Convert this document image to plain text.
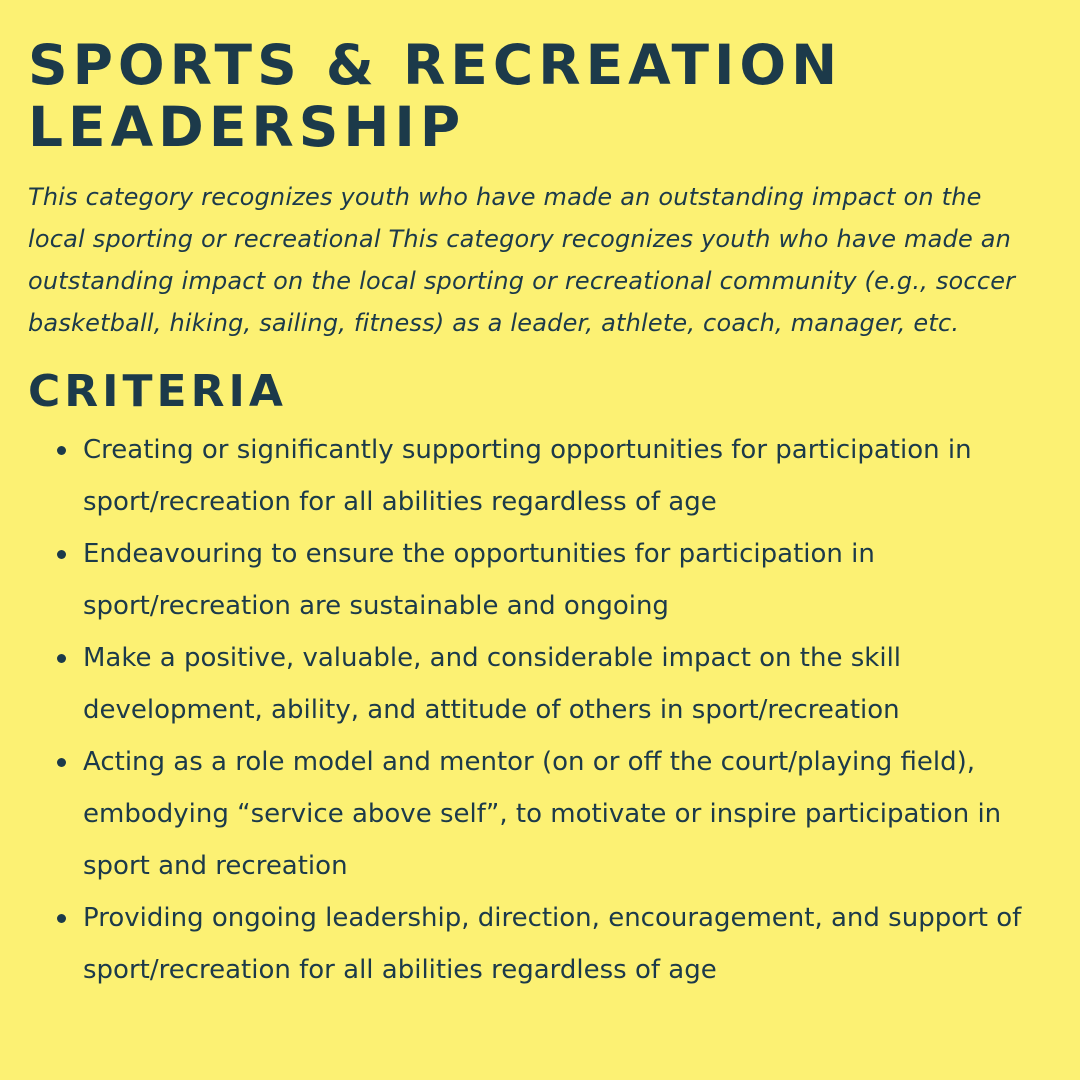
SPORTS & RECREATION LEADERSHIP

This category recognizes youth who have made an outstanding impact on the local sporting or recreational This category recognizes youth who have made an outstanding impact on the local sporting or recreational community (e.g., soccer basketball, hiking, sailing, fitness) as a leader, athlete, coach, manager, etc.

CRITERIA
Creating or significantly supporting opportunities for participation in sport/recreation for all abilities regardless of age
Endeavouring to ensure the opportunities for participation in sport/recreation are sustainable and ongoing
Make a positive, valuable, and considerable impact on the skill development, ability, and attitude of others in sport/recreation
Acting as a role model and mentor (on or off the court/playing field), embodying “service above self”, to motivate or inspire participation in sport and recreation
Providing ongoing leadership, direction, encouragement, and support of sport/recreation for all abilities regardless of age
